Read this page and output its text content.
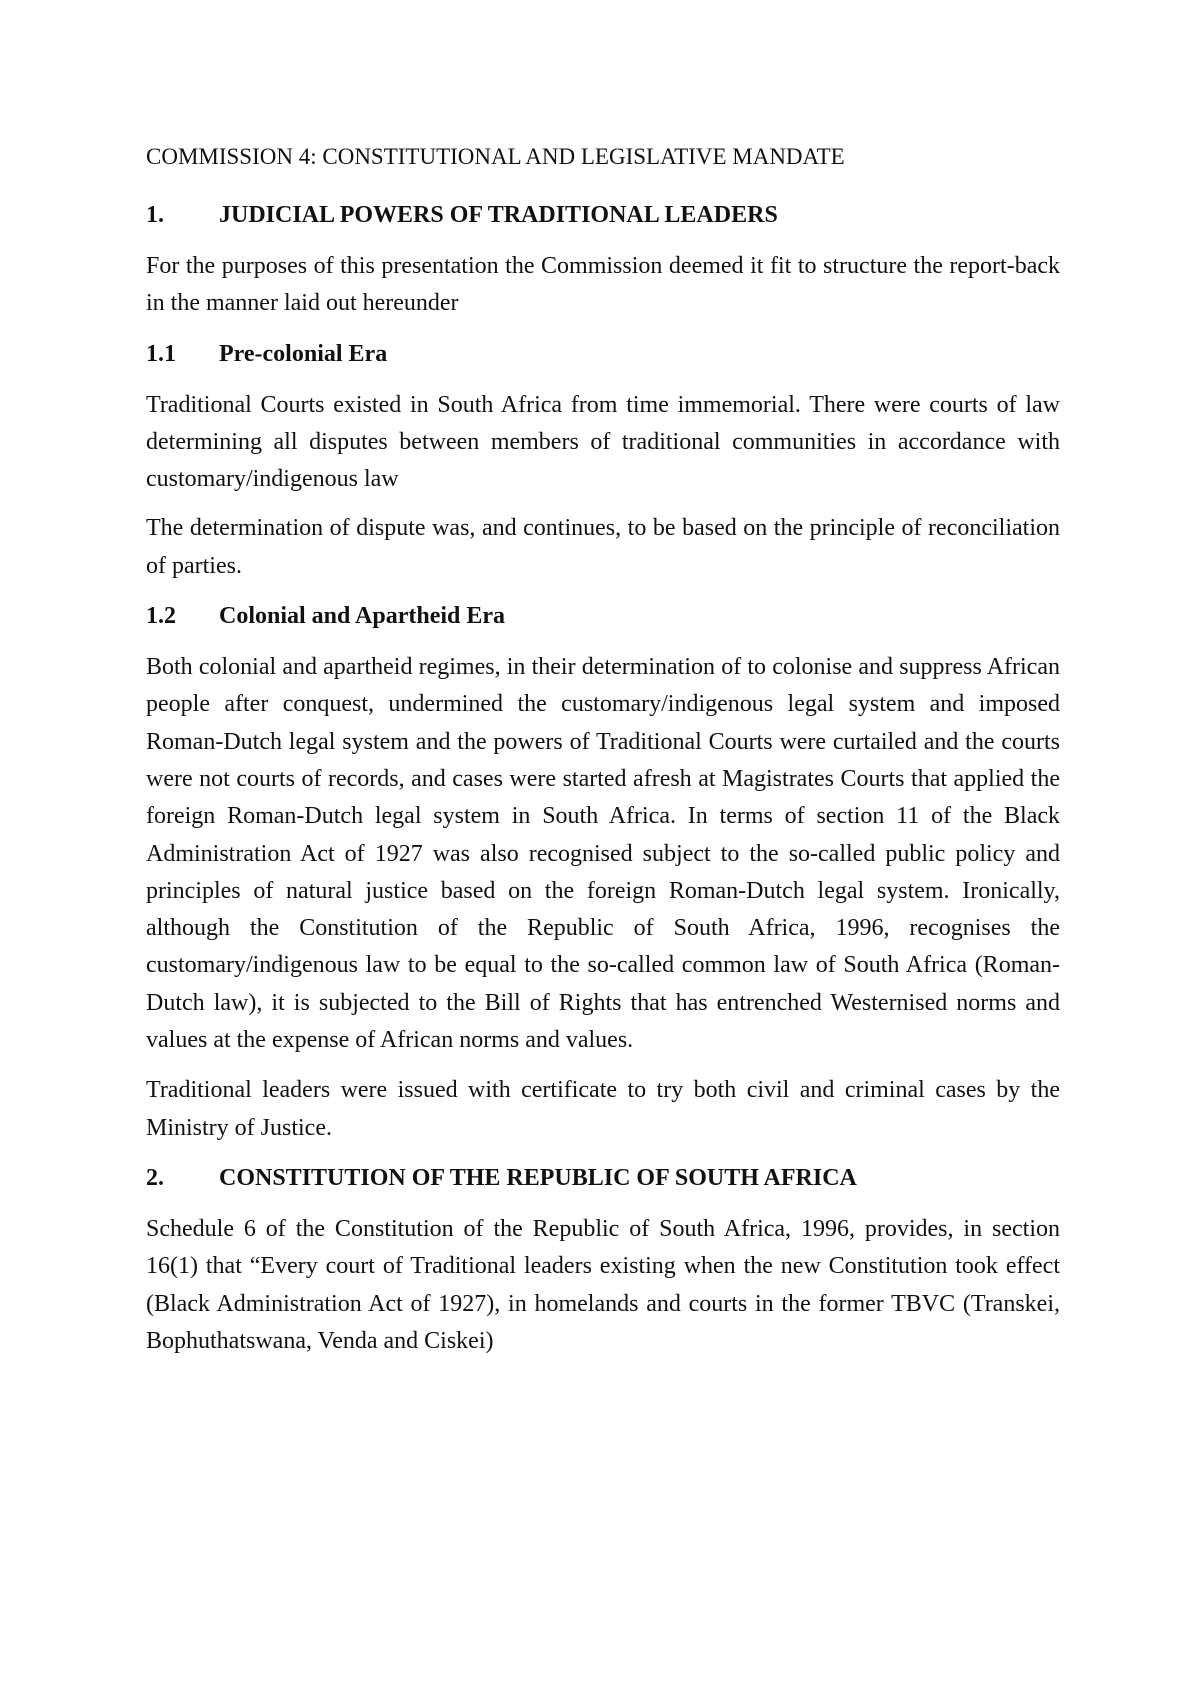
COMMISSION 4: CONSTITUTIONAL AND LEGISLATIVE MANDATE
1.	JUDICIAL POWERS OF TRADITIONAL LEADERS

For the purposes of this presentation the Commission deemed it fit to structure the report-back in the manner laid out hereunder

1.1	Pre-colonial Era

Traditional Courts existed in South Africa from time immemorial. There were courts of law determining all disputes between members of traditional communities in accordance with customary/indigenous law

The determination of dispute was, and continues, to be based on the principle of reconciliation of parties.

1.2	Colonial and Apartheid Era

Both colonial and apartheid regimes, in their determination of to colonise and suppress African people after conquest, undermined the customary/indigenous legal system and imposed Roman-Dutch legal system and the powers of Traditional Courts were curtailed and the courts were not courts of records, and cases were started afresh at Magistrates Courts that applied the foreign Roman-Dutch legal system in South Africa. In terms of section 11 of the Black Administration Act of 1927 was also recognised subject to the so-called public policy and principles of natural justice based on the foreign Roman-Dutch legal system. Ironically, although the Constitution of the Republic of South Africa, 1996, recognises the customary/indigenous law to be equal to the so-called common law of South Africa (Roman-Dutch law), it is subjected to the Bill of Rights that has entrenched Westernised norms and values at the expense of African norms and values.

Traditional leaders were issued with certificate to try both civil and criminal cases by the Ministry of Justice.

2.	CONSTITUTION OF THE REPUBLIC OF SOUTH AFRICA

Schedule 6 of the Constitution of the Republic of South Africa, 1996, provides, in section 16(1) that “Every court of Traditional leaders existing when the new Constitution took effect (Black Administration Act of 1927), in homelands and courts in the former TBVC (Transkei, Bophuthatswana, Venda and Ciskei)
